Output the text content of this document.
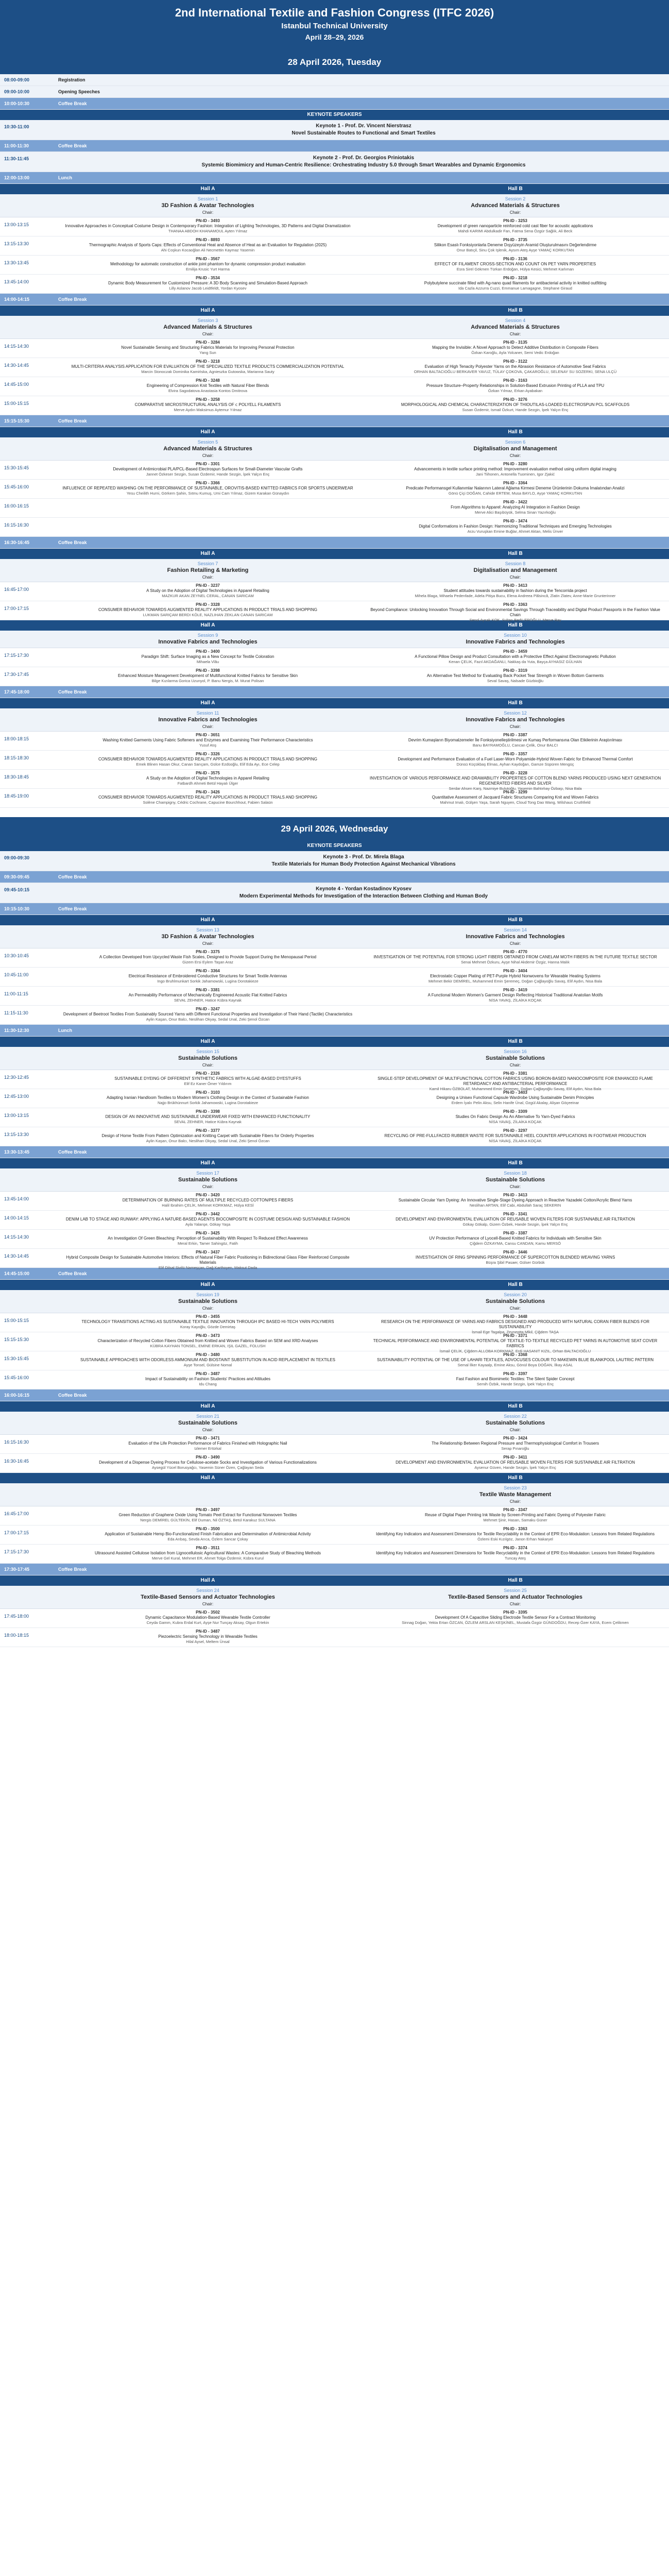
2nd International Textile and Fashion Congress (ITFC 2026)
Istanbul Technical University
April 28–29, 2026
28 April 2026, Tuesday
08:00-09:00	Registration
09:00-10:00	Opening Speeches
10:00-10:30	Coffee Break
KEYNOTE SPEAKERS
10:30-11:00	Keynote 1 - Prof. Dr. Vincent Nierstrasz
Novel Sustainable Routes to Functional and Smart Textiles
11:00-11:30	Coffee Break
11:30-11:45	Keynote 2 - Prof. Dr. Georgios Priniotakis
Systemic Biomimicry and Human-Centric Resilience: Orchestrating Industry 5.0 through Smart Wearables and Dynamic Ergonomics
12:00-13:00	Lunch
Hall A	Hall B
Session 1
3D Fashion & Avatar Technologies
Chair:
Session 2
Advanced Materials & Structures
Chair:
13:00-13:15
PN-ID - 3493
Innovative Approaches in Conceptual Costume Design in Contemporary Fashion: Integration of Lighting Technologies, 3D Patterns and Digital Dramatization
THANAA ABDOH KHANAMOUL Ayten Yılmaz
PN-ID - 3253
Development of green nanoparticle reinforced cold cast fiber for acoustic applications
Mahdi KARIMI Abdulkadir Fan, Fatma Sena Özgür Sağlık, Ali Beck
13:15-13:30
PN-ID - 8893
Thermographic Analysis of Sports Caps: Effects of Conventional Heat and Absence of Heat as an Evaluation for Regulation (2025)
Ahi Coşkun Kocaoğlan Ali Necmettin Kaymaz Yasemin
PN-ID - 3735
Silikon Esaslı Fonksiyonlarla Deneme Dışyüzeyin Aramid Oluşturulmasını Değerlendirme
Onur Batıçil, Sinu Çok Işlenik, Aysım Ateş Ayşe YAMAÇ KORKUTAN
13:30-13:45
PN-ID - 3567
Methodology for automatic construction of ankle joint phantom for dynamic compression product evaluation
Emilija Krusic Yurt Harma
PN-ID - 3136
EFFECT OF FILAMENT CROSS-SECTION AND COUNT ON PET YARN PROPERTIES
Esra Sirel Gökmen Türkan Erdoğan, Hülya Kesici, Mehmet Karlıman
13:45-14:00
PN-ID - 3534
Dynamic Body Measurement for Customized Pressure: A 3D Body Scanning and Simulation-Based Approach
Lilly Aslanov Jacob Leidtfeldt, Yordan Kyosev
PN-ID - 3218
Polybutylene succinate filled with Ag-nano quad filaments for antibacterial activity in knitted outfitting
Ida Cazla Azzurra Cuzzi, Emmanue Lamagagne, Stephane Giraud
14:00-14:15	Coffee Break
Hall A	Hall B
Session 3
Advanced Materials & Structures
Chair:
Session 4
Advanced Materials & Structures
Chair:
14:15-14:30
PN-ID - 3284
Novel Sustainable Sensing and Structuring Fabrics Materials for Improving Personal Protection
Yang Sun
PN-ID - 3135
Mapping the Invisible: A Novel Approach to Detect Additive Distribution in Composite Fibers
Özkan Karoğlu, Ayla Yolcaner, Semi Vedic Erdoğan
14:30-14:45
PN-ID - 3218
MULTI-CRITERIA ANALYSIS APPLICATION FOR EVALUATION OF THE SPECIALIZED TEXTILE PRODUCTS COMMERCIALIZATION POTENTIAL
Marcin Stonoczak Dominika Kamińska, Agnieszka Gutowska, Marianna Sauty
PN-ID - 3122
Evaluation of High Tenacity Polyester Yarns on the Abrasion Resistance of Automotive Seat Fabrics
ORHAN BALTACIOĞLU BERKAVER YAVUZ, TÜLAY ÇOKOVA, ÇAKAROĞLU, SELENAY SU SOZERKI, SENA ULÇÜ
14:45-15:00
PN-ID - 3248
Engineering of Compression Knit Textiles with Natural Fiber Blends
Elvira Sagodatova Anastasia Kontos Dmitrova
PN-ID - 3163
Pressure Structure–Property Relationships in Solution-Based Extrusion Printing of PLLA and TPU
Özkan Yılmaz, Erkan Ayabakan
15:00-15:15
PN-ID - 3258
COMPARATIVE MICROSTRUCTURAL ANALYSIS OF ⅽ POLYELL FILAMENTS
Merve Aydın Maksimus Aytemur Yılmaz
PN-ID - 3276
MORPHOLOGICAL AND CHEMICAL CHARACTERIZATION OF THIOUTILAS-LOADED ELECTROSPUN PCL SCAFFOLDS
Susan Özdemir, Ismail Özkurt, Hande Sezgin, İpek Yalçın Enç
15:15-15:30	Coffee Break
Hall A	Hall B
Session 5
Advanced Materials & Structures
Chair:
Session 6
Digitalisation and Management
Chair:
15:30-15:45
PN-ID - 3301
Development of Antimicrobial PLA/PCL-Based Electrospun Surfaces for Small-Diameter Vascular Grafts
Jannet Özkeser Sezgin, Susan Özdemir, Hande Sezgin, İpek Yalçın Enç
PN-ID - 3280
Advancements in textile surface printing method: Improvement evaluation method using uniform digital imaging
Jani Tiihonen, Antonella Tuominen, Igor Zjakić
15:45-16:00
PN-ID - 3366
INFLUENCE OF REPEATED WASHING ON THE PERFORMANCE OF SUSTAINABLE, OROVITIS-BASED KNITTED FABRICS FOR SPORTS UNDERWEAR
Yesu Cheilith Hurni, Görkem Şahin, Sıtmu Kumuş, Umi Cam Yılmaz, Gizem Karakan Günaydın
PN-ID - 3364
Predicate Performansgel Kullanımlar Nalarının Lateral Ağlama Kirmesi Deneme Ürünlerinin Dokuma İmalatından Analizi
Gönü Çiçi DOĞAN, Cahide ERTEM, Musa BAYLO, Ayşe YAMAÇ KORKUTAN
16:00-16:15
PN-ID - 3422
From Algorithms to Apparel: Analyzing AI Integration in Fashion Design
Merve Alici Başıbüyük, Selma Sinan Yazırkoğlu
16:15-16:30
PN-ID - 3474
Digital Conformations in Fashion Design: Harmonizing Traditional Techniques and Emerging Technologies
Arzu Vuruşkan Emine Buğlar, Ahmet Aktan, Melis Ünver
16:30-16:45	Coffee Break
Hall A	Hall B
Session 7
Fashion Retailing & Marketing
Chair:
Session 8
Digitalisation and Management
Chair:
16:45-17:00
PN-ID - 3237
A Study on the Adoption of Digital Technologies in Apparel Retailing
MAZKUR AKAN ZEYNEL CERAL, CANAN SARICAM
PN-ID - 3413
Student attitudes towards sustainability in fashion during the Tencorrida project
Mihela Blaga, Mihaela Pedenfade, Adela Pitişa Bucu, Elena Andreea Pâlsincă, Zlatin Zlatev, Anne-Marie Grunterinner
17:00-17:15
PN-ID - 3328
CONSUMER BEHAVIOR TOWARDS AUGMENTED REALITY APPLICATIONS IN PRODUCT TRIALS AND SHOPPING
LUKMAN SARIÇAM BERDI KÖLE, NAZLIHAN ZEKLAN CANAN SARICAM
PN-ID - 3363
Beyond Compliance: Unlocking Innovation Through Social and Environmental Savings Through Traceability and Digital Product Passports in the Fashion Value Chain
Senol Aysak KOK, Sultan Berfü EROĞLU, Merve Bay
Hall A	Hall B
Session 9
Innovative Fabrics and Technologies
Session 10
Innovative Fabrics and Technologies
17:15-17:30
PN-ID - 3400
Paradigm Shift: Surface Imaging as a New Concept for Textile Coloration
Mihaela Vlău
PN-ID - 3459
A Functional Pillow Design and Product Consultation with a Protective Effect Against Electromagnetic Pollution
Kenan ÇELIK, Fazıl AKDAĞANLI, Nakkaş da Yuta, Bayça AYHASIZ GÜLHAN
17:30-17:45
PN-ID - 3398
Enhanced Moisture Management Development of Multifunctional Knitted Fabrics for Sensitive Skin
Bilge Kızılarma Gorica Uzunyol, P. Banu Nergis, M. Murat Polisan
PN-ID - 3319
An Alternative Test Method for Evaluating Back Pocket Tear Strength in Woven Bottom Garments
Seval Savaş, Nalsade Güzbioğlu
17:45-18:00	Coffee Break
Hall A	Hall B
Session 11
Innovative Fabrics and Technologies
Chair:
Session 12
Innovative Fabrics and Technologies
Chair:
18:00-18:15
PN-ID - 3651
Washing Knitted Garments Using Fabric Softeners and Enzymes and Examining Their Performance Characteristics
Yusuf Atış
PN-ID - 3387
Devrim Kumaşların Biyomalzemeler İle Fonksiyonelleştirilmesi ve Kumaş Performansına Olan Etkilerinin Araştırılması
Banu BAYRAMOĞLU, Cancan Çelik, Onur BALCI
18:15-18:30
PN-ID - 3326
CONSUMER BEHAVIOR TOWARDS AUGMENTED REALITY APPLICATIONS IN PRODUCT TRIALS AND SHOPPING
Emek Blinen Hasan Okur, Canan Sarıçam, Gülce Ezdüoğlu, Elif Eda Ayı, Ece Celep
PN-ID - 3357
Development and Performance Evaluation of a Fuel Laser-Worn Polyamide-Hybrid Woven Fabric for Enhanced Thermal Comfort
Dünsü Küçükbaş Elmas, Ayhan Kaydoğan, Gamze Süpüren Mengüç
18:30-18:45
PN-ID - 3575
A Study on the Adoption of Digital Technologies in Apparel Retailing
Fatbardh Ahmeti Betül Hayalı Ülger
PN-ID - 3228
INVESTIGATION OF VARIOUS PERFORMANCE AND DRAWABILITY PROPERTIES OF COTTON BLEND YARNS PRODUCED USING NEXT GENERATION REGENERATED FIBERS AND SILVER
Serdar Ahsen Karş, Nazmiye Bulutoğlu, Yasemin Bahtırlıay Özbaşı, Nisa Bala
18:45-19:00
PN-ID - 3426
CONSUMER BEHAVIOR TOWARDS AUGMENTED REALITY APPLICATIONS IN PRODUCT TRIALS AND SHOPPING
Solène Champigny, Cédric Cochrane, Capucine Bourchhout, Fabien Salaün
PN-ID - 3299
Quantitative Assessment of Jacquard Fabric Structures Comparing Knit and Woven Fabrics
Mahmut Imalı, Gülşen Yaşa, Sarah Nguyen, Cloud Tong Dao Wang, Wilshaus Cruthfield
29 April 2026, Wednesday
KEYNOTE SPEAKERS
09:00-09:30	Keynote 3 - Prof. Dr. Mirela Blaga
Textile Materials for Human Body Protection Against Mechanical Vibrations
09:30-09:45	Coffee Break
09:45-10:15	Keynote 4 - Yordan Kostadinov Kyosev
Modern Experimental Methods for Investigation of the Interaction Between Clothing and Human Body
10:15-10:30	Coffee Break
Hall A	Hall B
Session 13
3D Fashion & Avatar Technologies
Chair:
Session 14
Innovative Fabrics and Technologies
Chair:
10:30-10:45
PN-ID - 3375
A Collection Developed from Upcycled Waste Fish Scales, Designed to Provide Support During the Menopausal Period
Gizem Ersi Eylem Taşan Araz
PN-ID - 4770
INVESTIGATION OF THE POTENTIAL FOR STRONG LIGHT FIBERS OBTAINED FROM CANELAM MOTH FIBERS IN THE FUTURE TEXTILE SECTOR
Senai Mehmet Özkuru, Ayşe Nihal Akdemir Özgiz, Hanna Malık
10:45-11:00
PN-ID - 3364
Electrical Resistance of Embroidered Conductive Structures for Smart Textile Antennas
Ingo Bruhlmunkart Sorkik Jahamowski, Lugina Dorotakieze
PN-ID - 3404
Electrostatic Copper Plating of PET-Purple Hybrid Nonwovens for Wearable Heating Systems
Mehmet Bekir DEMİREL, Muhammed Emin Şeremeç, Doğan Çağlayoğlu Savaş, Elif Aydın, Nisa Bala
11:00-11:15
PN-ID - 3381
An Permeability Performance of Mechanically Engineered Acoustic Flat Knitted Fabrics
SEVAL ZEHNER, Hatice Kübra Kaynak
PN-ID - 3419
A Functional Modern Women's Garment Design Reflecting Historical Traditional Anatolian Motifs
NİSA YAVAŞ, ZİLAİKA KOÇAK
11:15-11:30
PN-ID - 3247
Development of Beetroot Textiles From Sustainably Sourced Yarns with Different Functional Properties and Investigation of Their Hand (Tactile) Characteristics
Aylin Kaşan, Onur Balcı, Neslihan Okyay, Sedal Unal, Zeki Şenol Özcan
11:30-12:30	Lunch
Hall A	Hall B
Session 15
Sustainable Solutions
Chair:
Session 16
Sustainable Solutions
Chair:
12:30-12:45
PN-ID - 2326
SUSTAINABLE DYEING OF DIFFERENT SYNTHETIC FABRICS WITH ALGAE-BASED DYESTUFFS
Elif Ez Kaner Ömer Yıldırım
PN-ID - 3381
SINGLE-STEP DEVELOPMENT OF MULTIFUNCTIONAL COTTON FABRICS USING BORON-BASED NANOCOMPOSITE FOR ENHANCED FLAME RETARDANCY AND ANTIBACTERIAL PERFORMANCE
Kamil Hikaru ÖZBOLAT, Muhammed Emin Şeremeç, Doğan Çağlayoğlu Savaş, Elif Aydın, Nisa Bala
12:45-13:00
PN-ID - 3103
Adapting Iranian Handloom Textiles to Modern Women's Clothing Design in the Context of Sustainable Fashion
Najjo Brükhünnurt Sorkik Jahamowski, Lugina Dorotakieze
PN-ID - 3403
Designing a Unisex Functional Capsule Wardrobe Using Sustainable Denim Principles
Erdem İyalıı Pelin Aksu, Selin Hanife Ünal, Ozgül Akalay, Alişan Göçeeinar
13:00-13:15
PN-ID - 3398
DESIGN OF AN INNOVATIVE AND SUSTAINABLE UNDERWEAR FIXED WITH ENHANCED FUNCTIONALITY
SEVAL ZEHNER, Hatice Kübra Kaynak
PN-ID - 3309
Studies On Fabric Design As An Alternative To Yarn-Dyed Fabrics
NİSA YAVAŞ, ZİLAİKA KOÇAK
13:15-13:30
PN-ID - 3377
Design of Home Textile From Pattern Optimization and Knitting Carpet with Sustainable Fibers for Orderly Properties
Aylin Kaşan, Onur Balcı, Neslihan Okyay, Sedal Unal, Zeki Şenol Özcan
PN-ID - 3297
RECYCLING OF PRE-FULLFACED RUBBER WASTE FOR SUSTAINABLE HEEL COUNTER APPLICATIONS IN FOOTWEAR PRODUCTION
NİSA YAVAŞ, ZİLAİKA KOÇAK
13:30-13:45	Coffee Break
Hall A	Hall B
Session 17
Sustainable Solutions
Chair:
Session 18
Sustainable Solutions
Chair:
13:45-14:00
PN-ID - 3420
DETERMINATION OF BURNING RATES OF MULTIPLE RECYCLED COTTON/PES FIBERS
Halil Ibrahim ÇELİK, Mehmet KORKMAZ, Hülya KESİ
PN-ID - 3413
Sustainable Circular Yarn Dyeing: An Innovative Single-Stage Dyeing Approach in Reactive Yazadeki Cotton/Acrylic Blend Yarns
Neslihan ARTAN, Elif Cabi, Abdullah Saraç SEKERIN
14:00-14:15
PN-ID - 3442
DENIM LAB TO STAGE AND RUNWAY: APPLYING A NATURE-BASED AGENTS BIOCOMPOSITE IN COSTUME DESIGN AND SUSTAINABLE FASHION
Ayla Yalanşe, Gökay Yaşa
PN-ID - 3341
DEVELOPMENT AND ENVIRONMENTAL EVALUATION OF REUSABLE WOVEN FILTERS FOR SUSTAINABLE AIR FILTRATION
Gökay Gökalp, Gizem Özbek, Hande Sezgin, İpek Yalçın Enç
14:15-14:30
PN-ID - 3425
An Investigation Of Green Bleaching: Perception of Sustainability With Respect To Reduced Effect Awareness
Meral Erkin, Tamer Sahingöz, Fatih
PN-ID - 3387
UV Protection Performance of Lyocell-Based Knitted Fabrics for Individuals with Sensitive Skin
Çiğdem ÖZKAYMA, Cansu CANDAN, Kamu MERSÖ
14:30-14:45
PN-ID - 3437
Hybrid Composite Design for Sustainable Automotive Interiors: Effects of Natural Fiber Fabric Positioning in Bidirectional Glass Fiber Reinforced Composite Materials
Elif Dilsal Sivilü Nameşçan, Dağ Karthoyen, Maksut Dada
PN-ID - 3446
INVESTIGATION OF RING SPINNING PERFORMANCE OF SUPERCOTTON BLENDED WEAVING YARNS
Büşra Şibil Pasaer, Gülser Gürbük
14:45-15:00	Coffee Break
Hall A	Hall B
Session 19
Sustainable Solutions
Chair:
Session 20
Sustainable Solutions
Chair:
15:00-15:15
PN-ID - 3455
TECHNOLOGY TRANSITIONS ACTING AS SUSTAINABLE TEXTILE INNOVATION THROUGH IPC BASED HI-TECH YARN POLYMERS
Koray Kayoğlu, Gözde Demirtaş
PN-ID - 3448
RESEARCH ON THE PERFORMANCE OF YARNS AND FABRICS DESIGNED AND PRODUCED WITH NATURAL CORAN FIBER BLENDS FOR SUSTAINABILITY
İsmail Ege Tagalpa, Zeyneptta Mlkil, Çiğdem TAŞA
15:15-15:30
PN-ID - 3473
Characterization of Recycled Cotton Fibers Obtained from Knitted and Woven Fabrics Based on SEM and XRD Analyses
KÜBRA KAYHAN TONSEL, EMİNE ERKAN, IŞIL GAZEL, FOLUSH
PN-ID - 3371
TECHNICAL PERFORMANCE AND ENVIRONMENTAL POTENTIAL OF TEXTILE-TO-TEXTILE RECYCLED PET YARNS IN AUTOMOTIVE SEAT COVER FABRICS
İsmail ÇELİK, Çiğdem ALLOBA KORKMAZ, Erdi HASANIT KIZIL, Orhan BALTACIOĞLU
15:30-15:45
PN-ID - 3480
SUSTAINABLE APPROACHES WITH ODORLESS AMMONIUM AND BIOSTAINT SUBSTITUTION IN ACID REPLACEMENT IN TEXTILES
Ayşe Tonsel, Gülsine Nomal
PN-ID - 3368
SUSTAINABILITY POTENTIAL OF THE USE OF LAHARI TEXTILES, ADVOCUSES COLOUR TO MAKEWIN BLUE BLANKPOOL LAUTRIC PATTERN
Semal İlker Kayaalp, Emine Aksu, Gönül Boya DOĞAN, İlkay ASAL
15:45-16:00
PN-ID - 3487
Impact of Sustainability on Fashion Students' Practices and Attitudes
Idu Chang
PN-ID - 3397
Fast Fashion and Biomimetic Textiles: The Silent Spider Concept
Semih Özbik, Hande Sezgin, İpek Yalçın Enç
16:00-16:15	Coffee Break
Hall A	Hall B
Session 21
Sustainable Solutions
Chair:
Session 22
Sustainable Solutions
Chair:
16:15-16:30
PN-ID - 3471
Evaluation of the Life Protection Performance of Fabrics Finished with Holographic Nail
Izlemer Ertürkal
PN-ID - 3424
The Relationship Between Regional Pressure and Thermophysiological Comfort in Trousers
Serap Pınaroğlu
16:30-16:45
PN-ID - 3490
Development of a Dispense Dyeing Process for Cellulose-acetate Socks and Investigation of Various Functionalizations
Aysegül Yücel Borusyağcı, Yasemin Süner Özen, Çağlayan Seda
PN-ID - 3411
DEVELOPMENT AND ENVIRONMENTAL EVALUATION OF REUSABLE WOVEN FILTERS FOR SUSTAINABLE AIR FILTRATION
Aysenur Güven, Hande Sezgin, İpek Yalçın Enç
Hall A	Hall B
Session 23
Textile Waste Management
Chair:
16:45-17:00
PN-ID - 3497
Green Reduction of Graphene Oxide Using Tomato Peel Extract for Functional Nonwoven Textiles
Nergis DEMİREL GÜLTEKİN, Elif Duman, Nil ÖZTAŞ, Betül Karakuz SULTANA
PN-ID - 3347
Reuse of Digital Paper Printing Ink Waste by Screen-Printing and Fabric Dyeing of Polyester Fabric
Mehmet Şinir, Hasan, Samaku Güner
17:00-17:15
PN-ID - 3500
Application of Sustainable Hemp Bio-Functionalized Finish Fabrication and Determination of Antimicrobial Activity
Eda Arıbaş, Sevda Arıca, Özlem Sancar Çokay
PN-ID - 3363
Identifying Key Indicators and Assessment Dimensions for Textile Recyclability in the Context of EPR Eco-Modulation: Lessons from Related Regulations
Özlemi Eski Kızılgöz, Janon Erhan Nakaryel
17:15-17:30
PN-ID - 3511
Ultrasound Assisted Cellulose Isolation from Lignocellulosic Agricultural Wastes: A Comparative Study of Bleaching Methods
Merve Gel Kural, Mehmet ER, Ahmet Tolga Özdemir, Kübra Kurul
PN-ID - 3374
Identifying Key Indicators and Assessment Dimensions for Textile Recyclability in the Context of EPR Eco-Modulation: Lessons from Related Regulations
Tuncay Ateş
17:30-17:45	Coffee Break
Hall A	Hall B
Session 24
Textile-Based Sensors and Actuator Technologies
Chair:
Session 25
Textile-Based Sensors and Actuator Technologies
Chair:
17:45-18:00
PN-ID - 3502
Dynamic Capacitance Modulation-Based Wearable Textile Controller
Ceyda Gamm, Kubra Erdal Kurt, Ayşe Nur Tunçay Aksay, Olgun Ertekin
PN-ID - 3395
Development Of A Capacitive Sliding Electrode Textile Sensor For a Contract Monitoring
Sinnag Doğan, Yekta Ertan ÖZCAN, ÖZLEM ARSLAN KEŞKİNEL, Mustafa Özgür GÜNDOĞDU, Recep Özer KAYA, Ecem Çelikmen
18:00-18:15
PN-ID - 3487
Piezoelectric Sensing Technology in Wearable Textiles
Hilal Aysel, Meltem Ünsal
